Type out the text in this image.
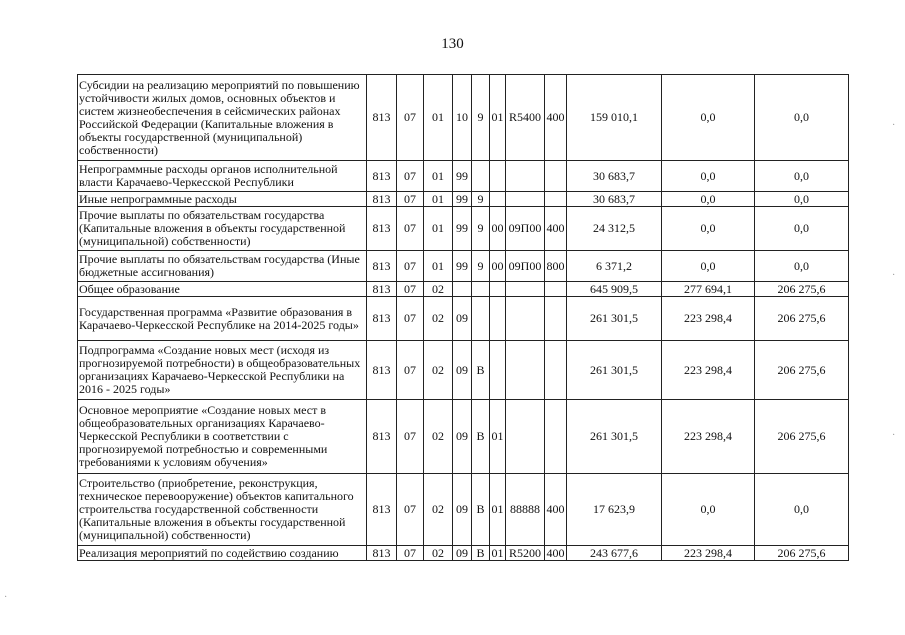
130
Субсидии на реализацию мероприятий по повышению устойчивости жилых домов, основных объектов и систем жизнеобеспечения в сейсмических районах Российской Федерации (Капитальные вложения в объекты государственной (муниципальной) собственности)	813	07	01	10	9	01	R5400	400	159 010,1	0,0	0,0
Непрограммные расходы органов исполнительной власти Карачаево-Черкесской Республики	813	07	01	99					30 683,7	0,0	0,0
Иные непрограммные расходы	813	07	01	99	9				30 683,7	0,0	0,0
Прочие выплаты по обязательствам государства (Капитальные вложения в объекты государственной (муниципальной) собственности)	813	07	01	99	9	00	09П00	400	24 312,5	0,0	0,0
Прочие выплаты по обязательствам государства (Иные бюджетные ассигнования)	813	07	01	99	9	00	09П00	800	6 371,2	0,0	0,0
Общее образование	813	07	02						645 909,5	277 694,1	206 275,6
Государственная программа «Развитие образования в Карачаево-Черкесской Республике на 2014-2025 годы»	813	07	02	09					261 301,5	223 298,4	206 275,6
Подпрограмма «Создание новых мест (исходя из прогнозируемой потребности) в общеобразовательных организациях Карачаево-Черкесской Республики на 2016 - 2025 годы»	813	07	02	09	В				261 301,5	223 298,4	206 275,6
Основное мероприятие «Создание новых мест в общеобразовательных организациях Карачаево-Черкесской Республики в соответствии с прогнозируемой потребностью и современными требованиями к условиям обучения»	813	07	02	09	В	01			261 301,5	223 298,4	206 275,6
Строительство (приобретение, реконструкция, техническое перевооружение) объектов капитального строительства государственной собственности (Капитальные вложения в объекты государственной (муниципальной) собственности)	813	07	02	09	В	01	88888	400	17 623,9	0,0	0,0
Реализация мероприятий по содействию созданию	813	07	02	09	В	01	R5200	400	243 677,6	223 298,4	206 275,6
·
·
·
·
